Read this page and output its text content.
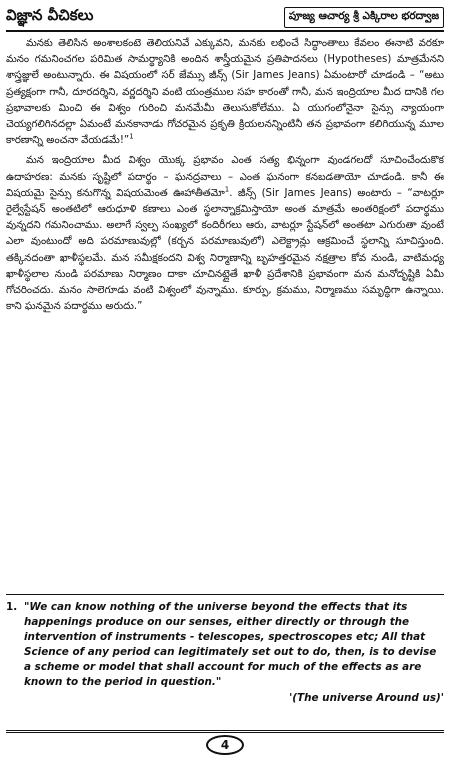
విజ్ఞాన వీచికలు	పూజ్య ఆచార్య శ్రీ ఎక్కిరాల భరద్వాజ

మనకు తెలిసిన అంశాలకంటె తెలియనివే ఎక్కువని, మనకు లభించే సిద్ధాంతాలు కేవలం ఈనాటి వరకూ మనం గమనించగల పరిమిత సామర్థ్యానికి అందిన శాస్త్రీయమైన ప్రతిపాదనలు (Hypotheses) మాత్రమేనని శాస్త్రజ్ఞులే అంటున్నారు. ఈ విషయంలో సర్ జేమ్సు జీన్స్ (Sir James Jeans) ఏమంటారో చూడండి – “అటు ప్రత్యక్షంగా గానీ, దూరదర్శిని, వర్ణదర్శిని వంటి యంత్రముల సహ కారంతో గానీ, మన ఇంద్రియాల మీద దానికి గల ప్రభావాలకు మించి ఈ విశ్వం గురించి మనమేమీ తెలుసుకోలేము. ఏ యుగంలోనైనా సైన్సు న్యాయంగా చెయ్యగలిగినదల్లా ఏమంటే మనకానాడు గోచరమైన ప్రకృతి క్రియలనన్నింటినీ తన ప్రభావంగా కలిగియున్న మూల కారణాన్ని అంచనా వేయడమే!”$^1$

మన ఇంద్రియాల మీద విశ్వం యొక్క ప్రభావం ఎంత సత్య భిన్నంగా వుండగలదో సూచించేందుకొక ఉదాహరణ: మనకు సృష్టిలో పదార్థం – ఘనద్రవాలు – ఎంత ఘనంగా కనబడతాయో చూడండి. కానీ ఈ విషయమై సైన్సు కనుగొన్న విషయమెంత ఊహాతీతమో$^1$. జీన్స్ (Sir James Jeans) అంటారు – “వాటర్లూ రైల్వేస్టేషన్ అంతటిలో ఆరుధూళి కణాలు ఎంత స్థలాన్నాక్రమిస్తాయో అంత మాత్రమే అంతరిక్షంలో పదార్థము వున్నదని గమనించాము. అలాగే స్వల్ప సంఖ్యలో కందిరీగలు ఆరు, వాటర్లూ స్టేషన్‌లో అంతటా ఎగురుతా వుంటే ఎలా వుంటుందో అది పరమాణువుల్లో (కర్బన పరమాణువులో) ఎలెక్ట్రాన్లు ఆక్రమించే స్థలాన్ని సూచిస్తుంది. తక్కినదంతా ఖాళీస్థలమే. మన సమీక్షకందని విశ్వ నిర్మాణాన్ని బృహత్తరమైన నక్షత్రాల కోవ నుండి, వాటిమధ్య ఖాళీస్థలాల నుండి పరమాణు నిర్మాణం దాకా చూచినట్లైతే ఖాళీ ప్రదేశానికి ప్రభావంగా మన మనోదృష్టికి ఏమీ గోచరించదు. మనం సాలెగూడు వంటి విశ్వంలో వున్నాము. కూర్పు, క్రమము, నిర్మాణము సమృద్ధిగా ఉన్నాయి. కాని ఘనమైన పదార్థము అరుదు.”

1. "We can know nothing of the universe beyond the effects that its happenings produce on our senses, either directly or through the intervention of instruments - telescopes, spectroscopes etc; All that Science of any period can legitimately set out to do, then, is to devise a scheme or model that shall account for much of the effects as are known to the period in question."
'(The universe Around us)'
4
